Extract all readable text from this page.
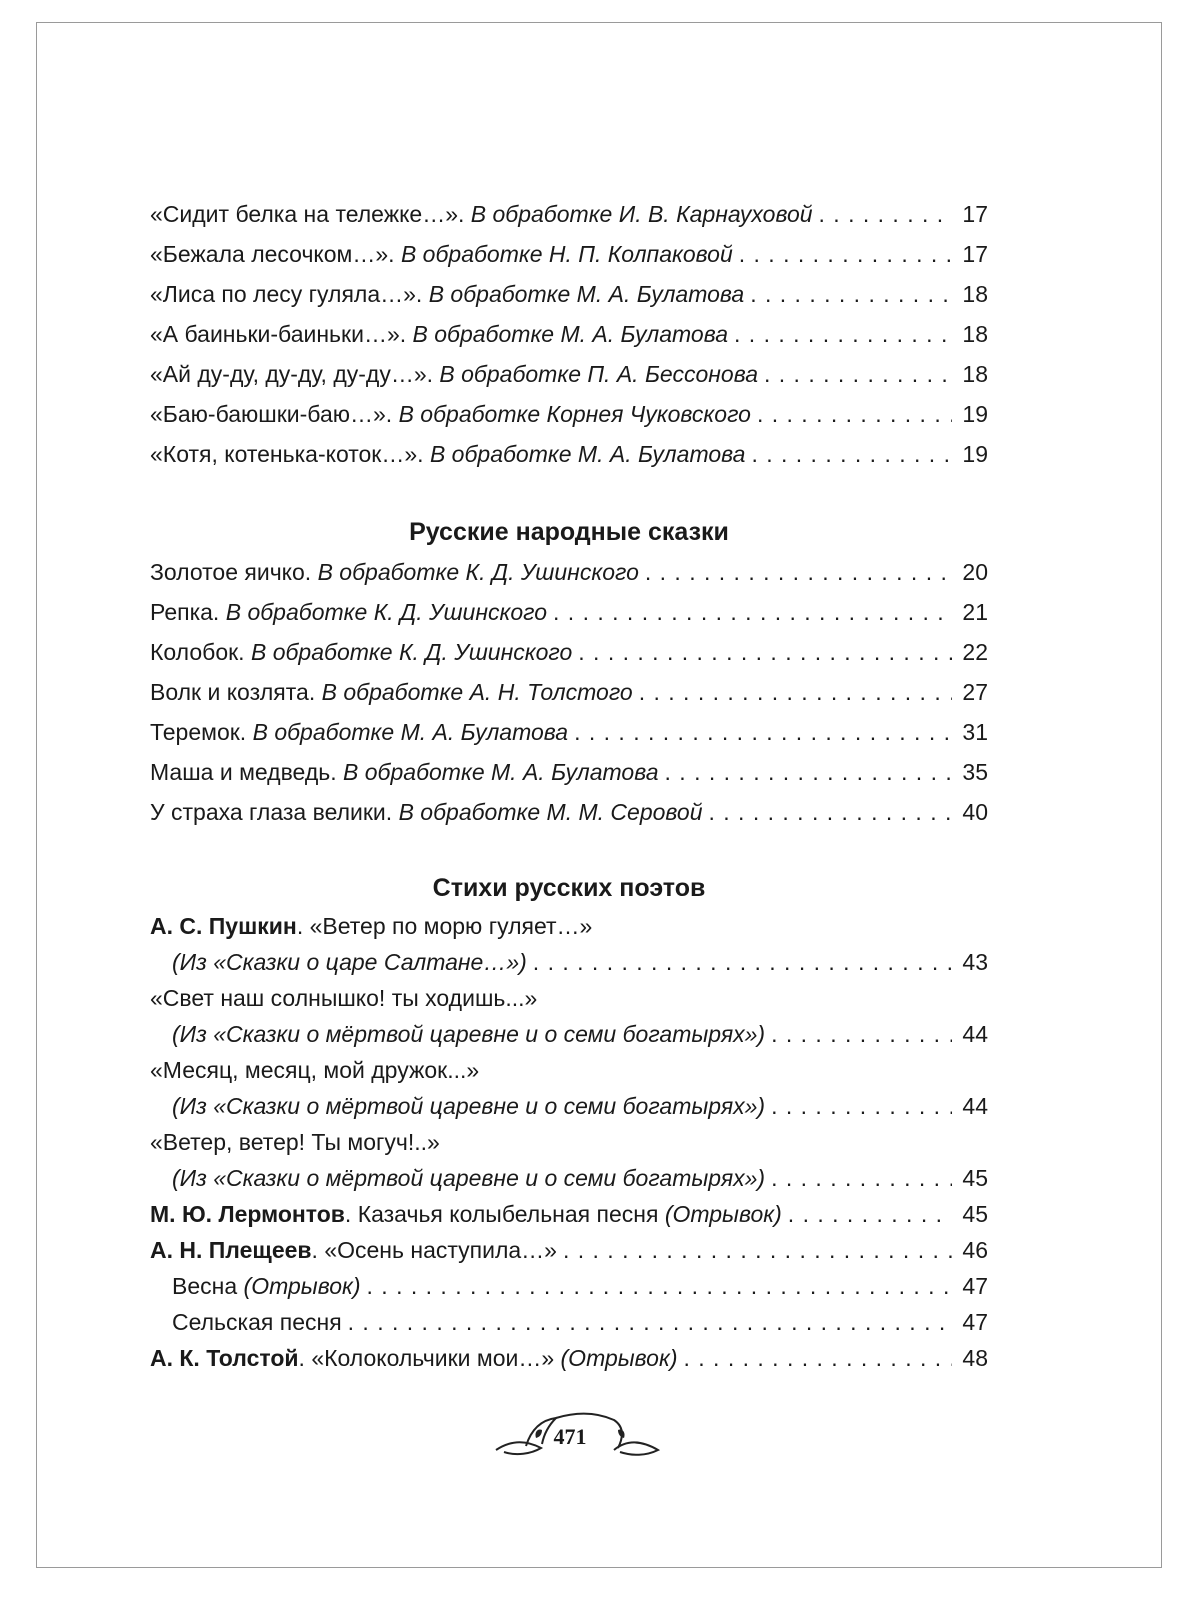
«Сидит белка на тележке…». В обработке И. В. Карнауховой . . .	17
«Бежала лесочком…». В обработке Н. П. Колпаковой . . .	17
«Лиса по лесу гуляла…». В обработке М. А. Булатова . . .	18
«А баиньки-баиньки…». В обработке М. А. Булатова . . .	18
«Ай ду-ду, ду-ду, ду-ду…». В обработке П. А. Бессонова . . .	18
«Баю-баюшки-баю…». В обработке Корнея Чуковского . . .	19
«Котя, котенька-коток…». В обработке М. А. Булатова . . .	19
Русские народные сказки
Золотое яичко. В обработке К. Д. Ушинского . . .	20
Репка. В обработке К. Д. Ушинского . . .	21
Колобок. В обработке К. Д. Ушинского . . .	22
Волк и козлята. В обработке А. Н. Толстого . . .	27
Теремок. В обработке М. А. Булатова . . .	31
Маша и медведь. В обработке М. А. Булатова . . .	35
У страха глаза велики. В обработке М. М. Серовой . . .	40
Стихи русских поэтов
А. С. Пушкин. «Ветер по морю гуляет…»
(Из «Сказки о царе Салтане…») . . .	43
«Свет наш солнышко! ты ходишь...»
(Из «Сказки о мёртвой царевне и о семи богатырях») . . .	44
«Месяц, месяц, мой дружок...»
(Из «Сказки о мёртвой царевне и о семи богатырях») . . .	44
«Ветер, ветер! Ты могуч!..»
(Из «Сказки о мёртвой царевне и о семи богатырях») . . .	45
М. Ю. Лермонтов. Казачья колыбельная песня (Отрывок) . . .	45
А. Н. Плещеев. «Осень наступила…» . . .	46
Весна (Отрывок) . . .	47
Сельская песня . . .	47
А. К. Толстой. «Колокольчики мои…» (Отрывок) . . .	48
471
